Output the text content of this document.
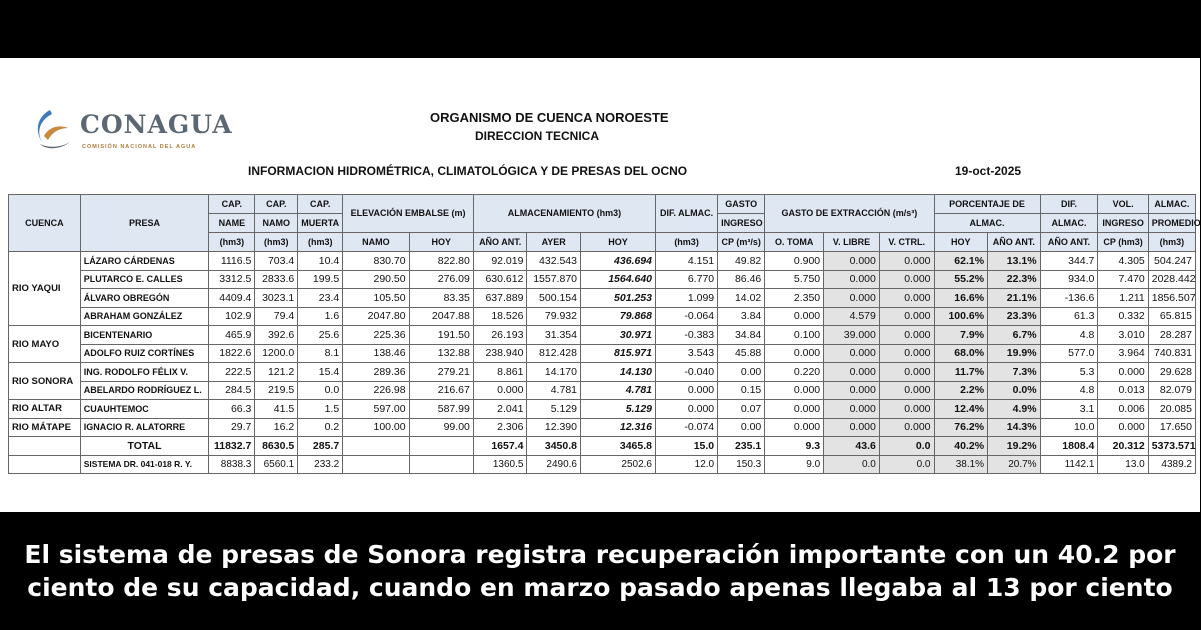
CONAGUA
COMISIÓN NACIONAL DEL AGUA
ORGANISMO DE CUENCA NOROESTE
DIRECCION TECNICA
INFORMACION HIDROMÉTRICA, CLIMATOLÓGICA Y DE PRESAS DEL OCNO	19-oct-2025
CUENCA	PRESA	CAP.	CAP.	CAP.	ELEVACIÓN EMBALSE (m)		ALMACENAMIENTO (hm3)			DIF. ALMAC.	GASTO	GASTO DE EXTRACCIÓN (m/s³)			PORCENTAJE DE		DIF.	VOL.	ALMAC.
		NAME	NAMO	MUERTA							INGRESO				ALMAC.		ALMAC.	INGRESO	PROMEDIO
		(hm3)	(hm3)	(hm3)	NAMO	HOY	AÑO ANT.	AYER	HOY	(hm3)	CP (m³/s)	O. TOMA	V. LIBRE	V. CTRL.	HOY	AÑO ANT.	AÑO ANT.	CP (hm3)	(hm3)
RIO YAQUI	LÁZARO CÁRDENAS	1116.5	703.4	10.4	830.70	822.80	92.019	432.543	436.694	4.151	49.82	0.900	0.000	0.000	62.1%	13.1%	344.7	4.305	504.247
	PLUTARCO E. CALLES	3312.5	2833.6	199.5	290.50	276.09	630.612	1557.870	1564.640	6.770	86.46	5.750	0.000	0.000	55.2%	22.3%	934.0	7.470	2028.442
	ÁLVARO OBREGÓN	4409.4	3023.1	23.4	105.50	83.35	637.889	500.154	501.253	1.099	14.02	2.350	0.000	0.000	16.6%	21.1%	-136.6	1.211	1856.507
	ABRAHAM GONZÁLEZ	102.9	79.4	1.6	2047.80	2047.88	18.526	79.932	79.868	-0.064	3.84	0.000	4.579	0.000	100.6%	23.3%	61.3	0.332	65.815
RIO MAYO	BICENTENARIO	465.9	392.6	25.6	225.36	191.50	26.193	31.354	30.971	-0.383	34.84	0.100	39.000	0.000	7.9%	6.7%	4.8	3.010	28.287
	ADOLFO RUIZ CORTÍNES	1822.6	1200.0	8.1	138.46	132.88	238.940	812.428	815.971	3.543	45.88	0.000	0.000	0.000	68.0%	19.9%	577.0	3.964	740.831
RIO SONORA	ING. RODOLFO FÉLIX V.	222.5	121.2	15.4	289.36	279.21	8.861	14.170	14.130	-0.040	0.00	0.220	0.000	0.000	11.7%	7.3%	5.3	0.000	29.628
	ABELARDO RODRÍGUEZ L.	284.5	219.5	0.0	226.98	216.67	0.000	4.781	4.781	0.000	0.15	0.000	0.000	0.000	2.2%	0.0%	4.8	0.013	82.079
RIO ALTAR	CUAUHTEMOC	66.3	41.5	1.5	597.00	587.99	2.041	5.129	5.129	0.000	0.07	0.000	0.000	0.000	12.4%	4.9%	3.1	0.006	20.085
RIO MÁTAPE	IGNACIO R. ALATORRE	29.7	16.2	0.2	100.00	99.00	2.306	12.390	12.316	-0.074	0.00	0.000	0.000	0.000	76.2%	14.3%	10.0	0.000	17.650
	TOTAL	11832.7	8630.5	285.7			1657.4	3450.8	3465.8	15.0	235.1	9.3	43.6	0.0	40.2%	19.2%	1808.4	20.312	5373.571
	SISTEMA DR. 041-018 R. Y.	8838.3	6560.1	233.2			1360.5	2490.6	2502.6	12.0	150.3	9.0	0.0	0.0	38.1%	20.7%	1142.1	13.0	4389.2
El sistema de presas de Sonora registra recuperación importante con un 40.2 por ciento de su capacidad, cuando en marzo pasado apenas llegaba al 13 por ciento
